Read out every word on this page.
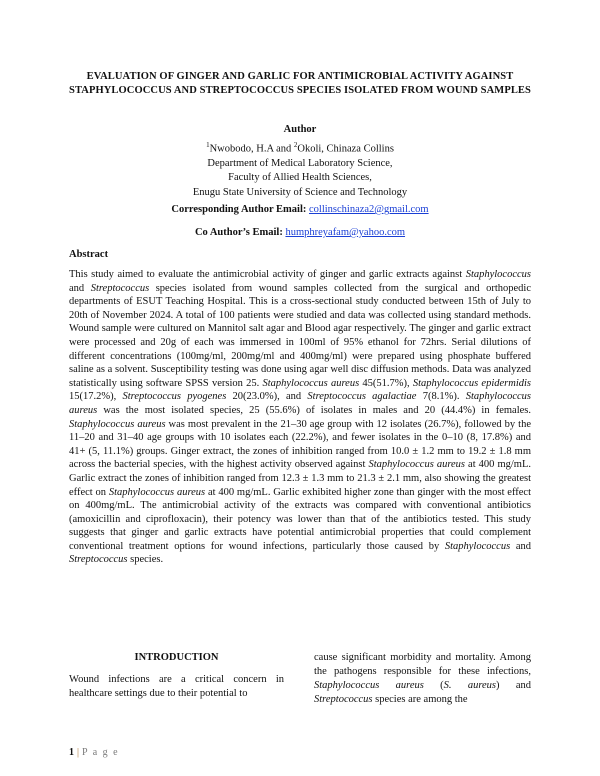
EVALUATION OF GINGER AND GARLIC FOR ANTIMICROBIAL ACTIVITY AGAINST STAPHYLOCOCCUS AND STREPTOCOCCUS SPECIES ISOLATED FROM WOUND SAMPLES
Author
$^1$Nwobodo, H.A and $^2$Okoli, Chinaza Collins
Department of Medical Laboratory Science,
Faculty of Allied Health Sciences,
Enugu State University of Science and Technology
Corresponding Author Email: collinschinaza2@gmail.com
Co Author’s Email: humphreyafam@yahoo.com
Abstract
This study aimed to evaluate the antimicrobial activity of ginger and garlic extracts against Staphylococcus and Streptococcus species isolated from wound samples collected from the surgical and orthopedic departments of ESUT Teaching Hospital. This is a cross-sectional study conducted between 15th of July to 20th of November 2024. A total of 100 patients were studied and data was collected using standard methods. Wound sample were cultured on Mannitol salt agar and Blood agar respectively. The ginger and garlic extract were processed and 20g of each was immersed in 100ml of 95% ethanol for 72hrs. Serial dilutions of different concentrations (100mg/ml, 200mg/ml and 400mg/ml) were prepared using phosphate buffered saline as a solvent. Susceptibility testing was done using agar well disc diffusion methods. Data was analyzed statistically using software SPSS version 25. Staphylococcus aureus 45(51.7%), Staphylococcus epidermidis 15(17.2%), Streptococcus pyogenes 20(23.0%), and Streptococcus agalactiae 7(8.1%). Staphylococcus aureus was the most isolated species, 25 (55.6%) of isolates in males and 20 (44.4%) in females. Staphylococcus aureus was most prevalent in the 21–30 age group with 12 isolates (26.7%), followed by the 11–20 and 31–40 age groups with 10 isolates each (22.2%), and fewer isolates in the 0–10 (8, 17.8%) and 41+ (5, 11.1%) groups. Ginger extract, the zones of inhibition ranged from 10.0 ± 1.2 mm to 19.2 ± 1.8 mm across the bacterial species, with the highest activity observed against Staphylococcus aureus at 400 mg/mL. Garlic extract the zones of inhibition ranged from 12.3 ± 1.3 mm to 21.3 ± 2.1 mm, also showing the greatest effect on Staphylococcus aureus at 400 mg/mL. Garlic exhibited higher zone than ginger with the most effect on 400mg/mL. The antimicrobial activity of the extracts was compared with conventional antibiotics (amoxicillin and ciprofloxacin), their potency was lower than that of the antibiotics tested. This study suggests that ginger and garlic extracts have potential antimicrobial properties that could complement conventional treatment options for wound infections, particularly those caused by Staphylococcus and Streptococcus species.
INTRODUCTION
Wound infections are a critical concern in healthcare settings due to their potential to
cause significant morbidity and mortality. Among the pathogens responsible for these infections, Staphylococcus aureus (S. aureus) and Streptococcus species are among the
1 | P a g e
